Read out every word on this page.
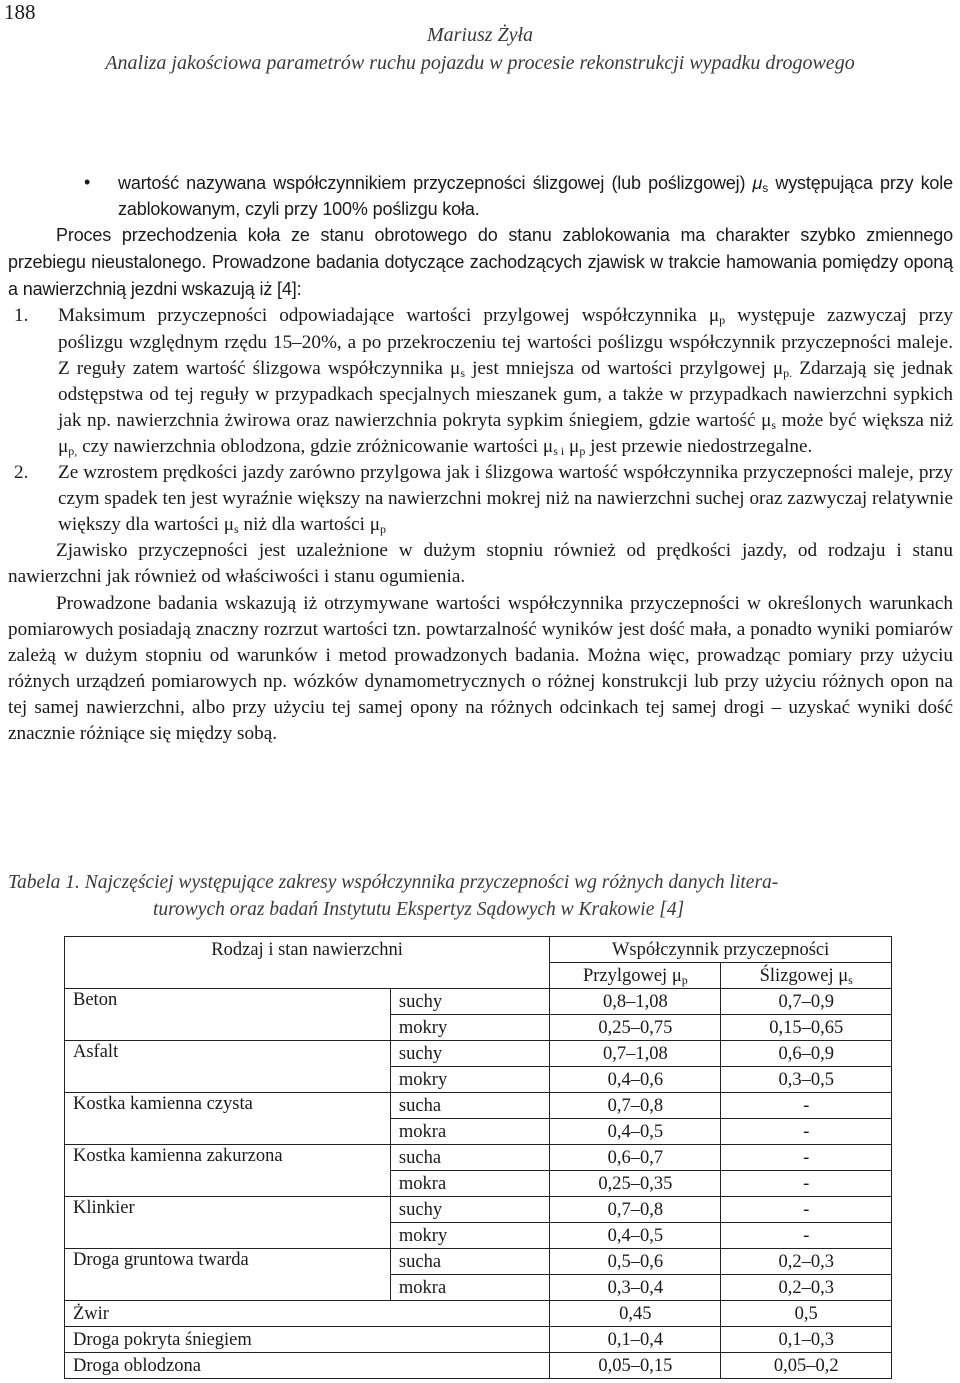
188
Mariusz Żyła
Analiza jakościowa parametrów ruchu pojazdu w procesie rekonstrukcji wypadku drogowego

• wartość nazywana współczynnikiem przyczepności ślizgowej (lub poślizgowej) $\mu_s$ występująca przy kole zablokowanym, czyli przy 100% poślizgu koła.

Proces przechodzenia koła ze stanu obrotowego do stanu zablokowania ma charakter szybko zmiennego przebiegu nieustalonego. Prowadzone badania dotyczące zachodzących zjawisk w trakcie hamowania pomiędzy oponą a nawierzchnią jezdni wskazują iż [4]:

1. Maksimum przyczepności odpowiadające wartości przylgowej współczynnika $\mu_p$ występuje zazwyczaj przy poślizgu względnym rzędu 15–20%, a po przekroczeniu tej wartości poślizgu współczynnik przyczepności maleje. Z reguły zatem wartość ślizgowa współczynnika $\mu_s$ jest mniejsza od wartości przylgowej $\mu_{p.}$ Zdarzają się jednak odstępstwa od tej reguły w przypadkach specjalnych mieszanek gum, a także w przypadkach nawierzchni sypkich jak np. nawierzchnia żwirowa oraz nawierzchnia pokryta sypkim śniegiem, gdzie wartość $\mu_s$ może być większa niż $\mu_{p,}$ czy nawierzchnia oblodzona, gdzie zróżnicowanie wartości $\mu_{s i}$ $\mu_p$ jest przewie niedostrzegalne.
2. Ze wzrostem prędkości jazdy zarówno przylgowa jak i ślizgowa wartość współczynnika przyczepności maleje, przy czym spadek ten jest wyraźnie większy na nawierzchni mokrej niż na nawierzchni suchej oraz zazwyczaj relatywnie większy dla wartości $\mu_s$ niż dla wartości $\mu_p$

Zjawisko przyczepności jest uzależnione w dużym stopniu również od prędkości jazdy, od rodzaju i stanu nawierzchni jak również od właściwości i stanu ogumienia.

Prowadzone badania wskazują iż otrzymywane wartości współczynnika przyczepności w określonych warunkach pomiarowych posiadają znaczny rozrzut wartości tzn. powtarzalność wyników jest dość mała, a ponadto wyniki pomiarów zależą w dużym stopniu od warunków i metod prowadzonych badania. Można więc, prowadząc pomiary przy użyciu różnych urządzeń pomiarowych np. wózków dynamometrycznych o różnej konstrukcji lub przy użyciu różnych opon na tej samej nawierzchni, albo przy użyciu tej samej opony na różnych odcinkach tej samej drogi – uzyskać wyniki dość znacznie różniące się między sobą.

Tabela 1. Najczęściej występujące zakresy współczynnika przyczepności wg różnych danych litera-
turowych oraz badań Instytutu Ekspertyz Sądowych w Krakowie [4]
Rodzaj i stan nawierzchni		Współczynnik przyczepności	
		Przylgowej $\mu_p$	Ślizgowej $\mu_s$
Beton	suchy	0,8–1,08	0,7–0,9
	mokry	0,25–0,75	0,15–0,65
Asfalt	suchy	0,7–1,08	0,6–0,9
	mokry	0,4–0,6	0,3–0,5
Kostka kamienna czysta	sucha	0,7–0,8	-
	mokra	0,4–0,5	-
Kostka kamienna zakurzona	sucha	0,6–0,7	-
	mokra	0,25–0,35	-
Klinkier	suchy	0,7–0,8	-
	mokry	0,4–0,5	-
Droga gruntowa twarda	sucha	0,5–0,6	0,2–0,3
	mokra	0,3–0,4	0,2–0,3
Żwir		0,45	0,5
Droga pokryta śniegiem		0,1–0,4	0,1–0,3
Droga oblodzona		0,05–0,15	0,05–0,2
